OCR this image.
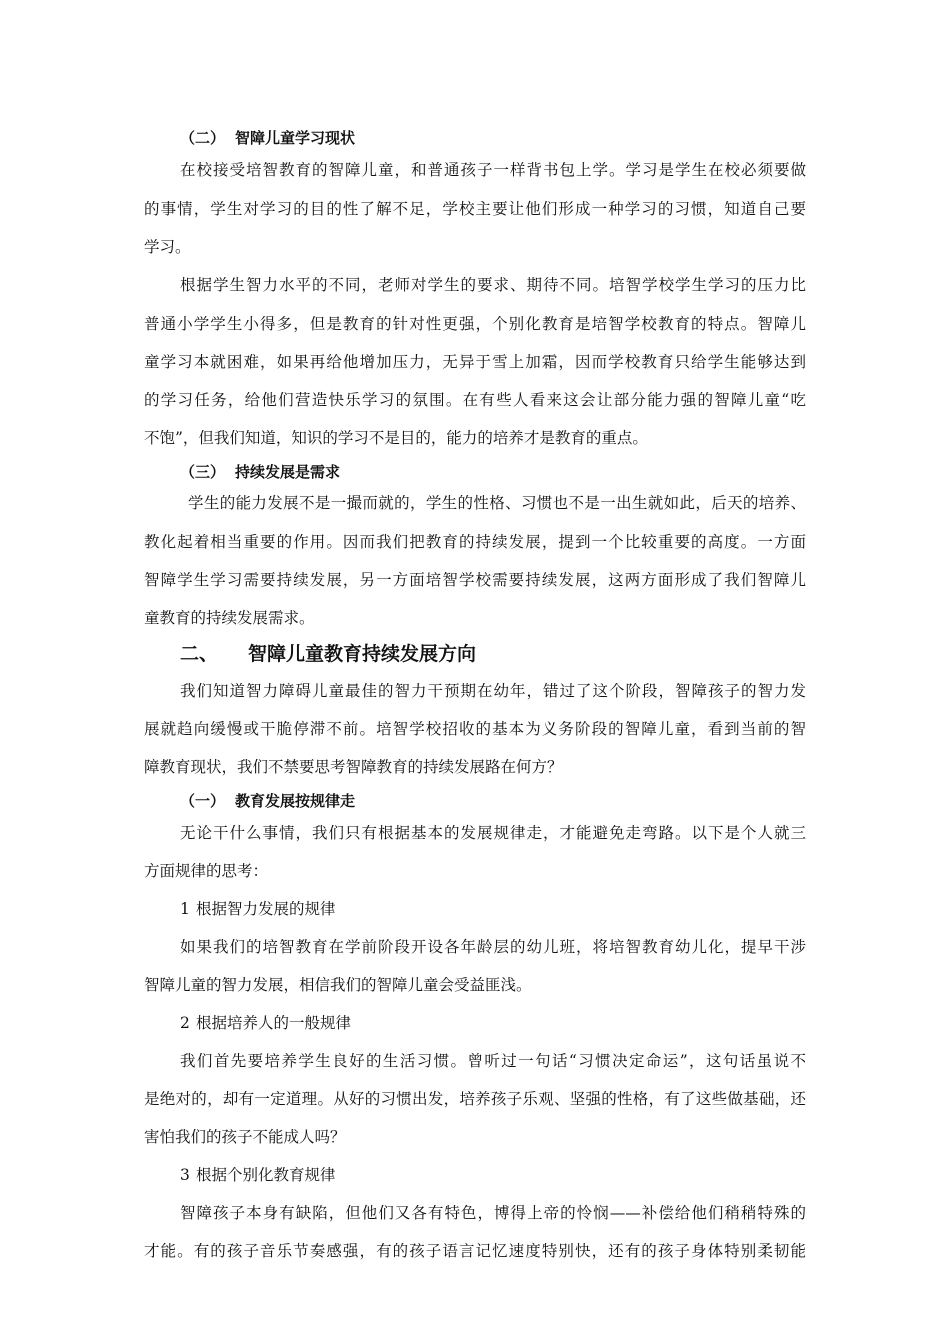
（二） 智障儿童学习现状
在校接受培智教育的智障儿童，和普通孩子一样背书包上学。学习是学生在校必须要做
的事情，学生对学习的目的性了解不足，学校主要让他们形成一种学习的习惯，知道自己要
学习。
根据学生智力水平的不同，老师对学生的要求、期待不同。培智学校学生学习的压力比
普通小学学生小得多，但是教育的针对性更强，个别化教育是培智学校教育的特点。智障儿
童学习本就困难，如果再给他增加压力，无异于雪上加霜，因而学校教育只给学生能够达到
的学习任务，给他们营造快乐学习的氛围。在有些人看来这会让部分能力强的智障儿童“吃
不饱”，但我们知道，知识的学习不是目的，能力的培养才是教育的重点。
（三） 持续发展是需求
学生的能力发展不是一撮而就的，学生的性格、习惯也不是一出生就如此，后天的培养、
教化起着相当重要的作用。因而我们把教育的持续发展，提到一个比较重要的高度。一方面
智障学生学习需要持续发展，另一方面培智学校需要持续发展，这两方面形成了我们智障儿
童教育的持续发展需求。
二、 智障儿童教育持续发展方向
我们知道智力障碍儿童最佳的智力干预期在幼年，错过了这个阶段，智障孩子的智力发
展就趋向缓慢或干脆停滞不前。培智学校招收的基本为义务阶段的智障儿童，看到当前的智
障教育现状，我们不禁要思考智障教育的持续发展路在何方？
（一） 教育发展按规律走
无论干什么事情，我们只有根据基本的发展规律走，才能避免走弯路。以下是个人就三
方面规律的思考：
1 根据智力发展的规律
如果我们的培智教育在学前阶段开设各年龄层的幼儿班，将培智教育幼儿化，提早干涉
智障儿童的智力发展，相信我们的智障儿童会受益匪浅。
2 根据培养人的一般规律
我们首先要培养学生良好的生活习惯。曾听过一句话“习惯决定命运”，这句话虽说不
是绝对的，却有一定道理。从好的习惯出发，培养孩子乐观、坚强的性格，有了这些做基础，还
害怕我们的孩子不能成人吗？
3 根据个别化教育规律
智障孩子本身有缺陷，但他们又各有特色，博得上帝的怜悯——补偿给他们稍稍特殊的
才能。有的孩子音乐节奏感强，有的孩子语言记忆速度特别快，还有的孩子身体特别柔韧能
